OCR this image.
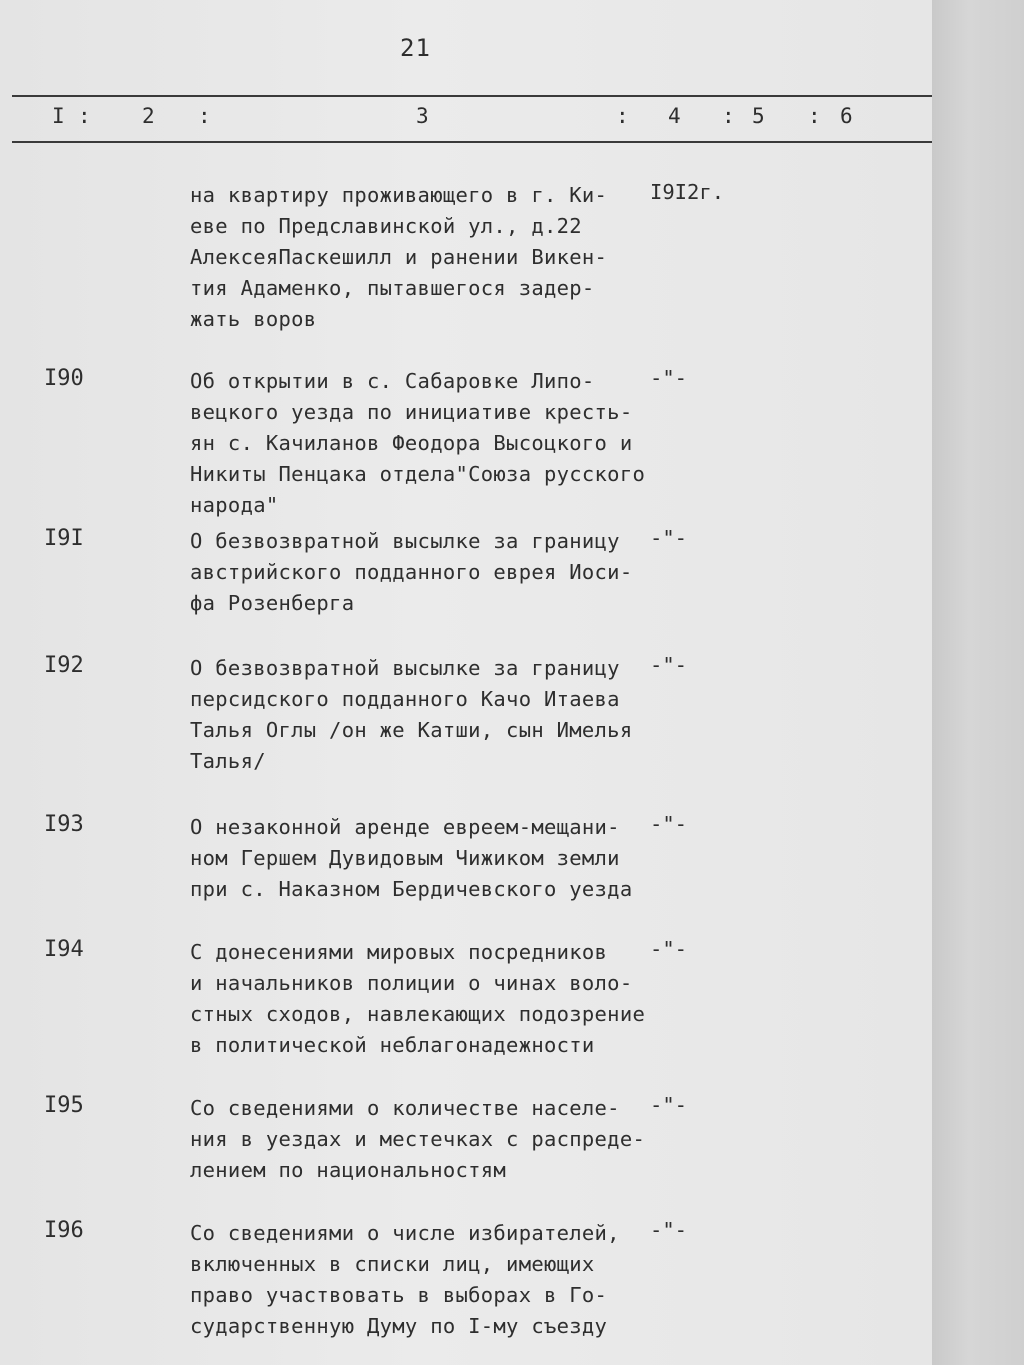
21
I : 2 :	3	: 4 : 5 : 6
на квартиру проживающего в г. Ки-
eве по Предславинской ул., д.22
АлексеяПаскешилл и ранении Викен-
тия Адаменко, пытавшегося задер-
жать воров
I9I2г.
I90	Об открытии в с. Сабаровке Липо-
вецкого уезда по инициативе кресть-
ян с. Качиланов Феодора Высоцкого и
Никиты Пенцака отдела"Союза русского
народа"
-"-
I9I	О безвозвратной высылке за границу
австрийского подданного еврея Иоси-
фа Розенберга
-"-
I92	О безвозвратной высылке за границу
персидского подданного Качо Итаева
Талья Оглы /он же Катши, сын Имелья
Талья/
-"-
I93	О незаконной аренде евреем-мещани-
ном Гершем Дувидовым Чижиком земли
при с. Наказном Бердичевского уезда
-"-
I94	С донесениями мировых посредников
и начальников полиции о чинах воло-
стных сходов, навлекающих подозрение
в политической неблагонадежности
-"-
I95	Со сведениями о количестве населе-
ния в уездах и местечках с распреде-
лением по национальностям
-"-
I96	Со сведениями о числе избирателей,
включенных в списки лиц, имеющих
право участвовать в выборах в Го-
сударственную Думу по I-му съезду
-"-
